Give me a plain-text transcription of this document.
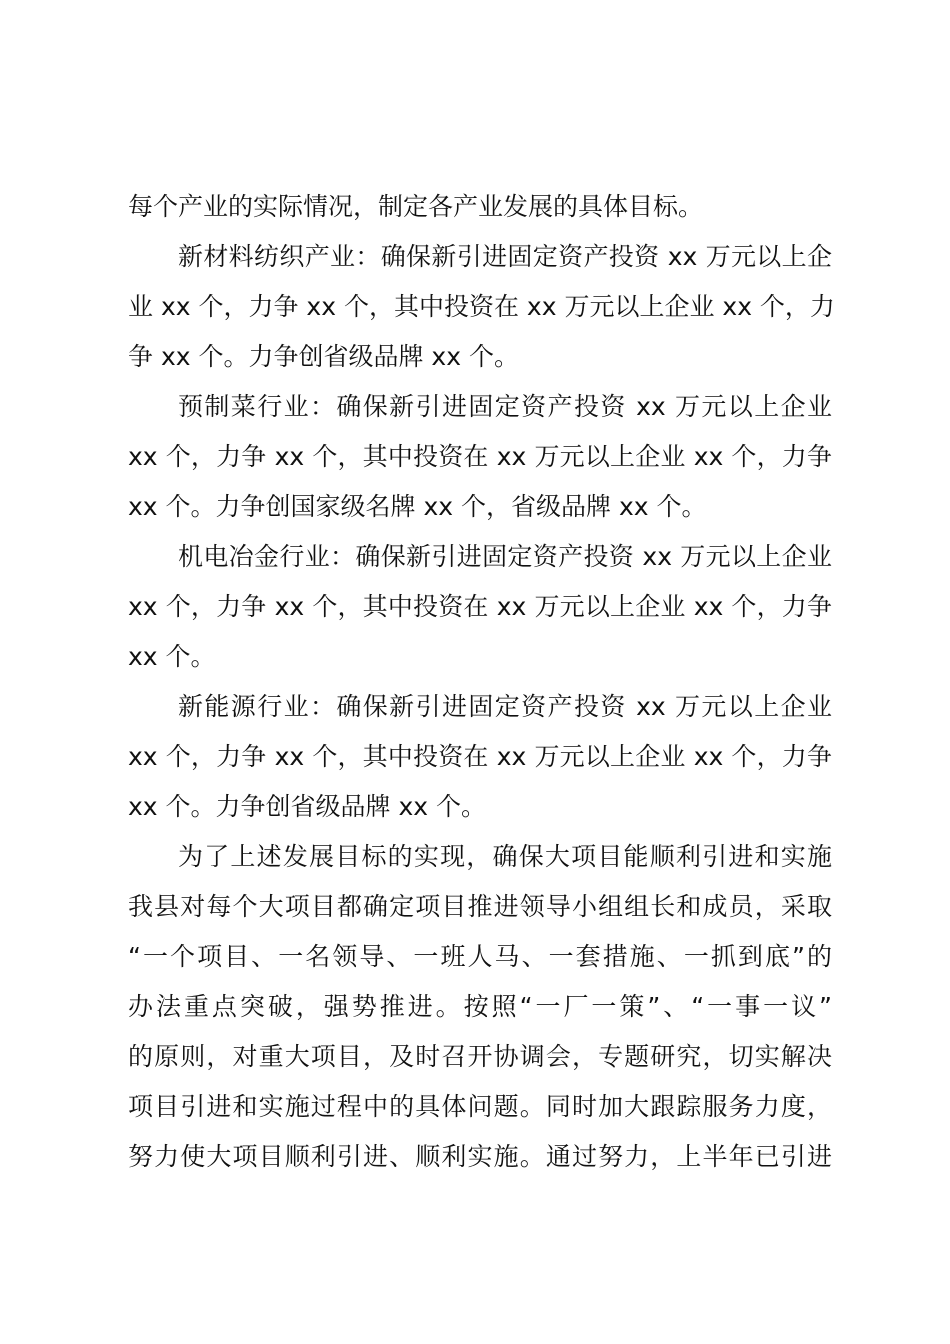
每个产业的实际情况，制定各产业发展的具体目标。
新材料纺织产业：确保新引进固定资产投资 xx 万元以上企
业 xx 个，力争 xx 个，其中投资在 xx 万元以上企业 xx 个，力
争 xx 个。力争创省级品牌 xx 个。
预制菜行业：确保新引进固定资产投资 xx 万元以上企业
xx 个，力争 xx 个，其中投资在 xx 万元以上企业 xx 个，力争
xx 个。力争创国家级名牌 xx 个，省级品牌 xx 个。
机电冶金行业：确保新引进固定资产投资 xx 万元以上企业
xx 个，力争 xx 个，其中投资在 xx 万元以上企业 xx 个，力争
xx 个。
新能源行业：确保新引进固定资产投资 xx 万元以上企业
xx 个，力争 xx 个，其中投资在 xx 万元以上企业 xx 个，力争
xx 个。力争创省级品牌 xx 个。
为了上述发展目标的实现，确保大项目能顺利引进和实施
我县对每个大项目都确定项目推进领导小组组长和成员，采取
“一个项目、一名领导、一班人马、一套措施、一抓到底”的
办法重点突破，强势推进。按照“一厂一策”、“一事一议”
的原则，对重大项目，及时召开协调会，专题研究，切实解决
项目引进和实施过程中的具体问题。同时加大跟踪服务力度，
努力使大项目顺利引进、顺利实施。通过努力，上半年已引进
